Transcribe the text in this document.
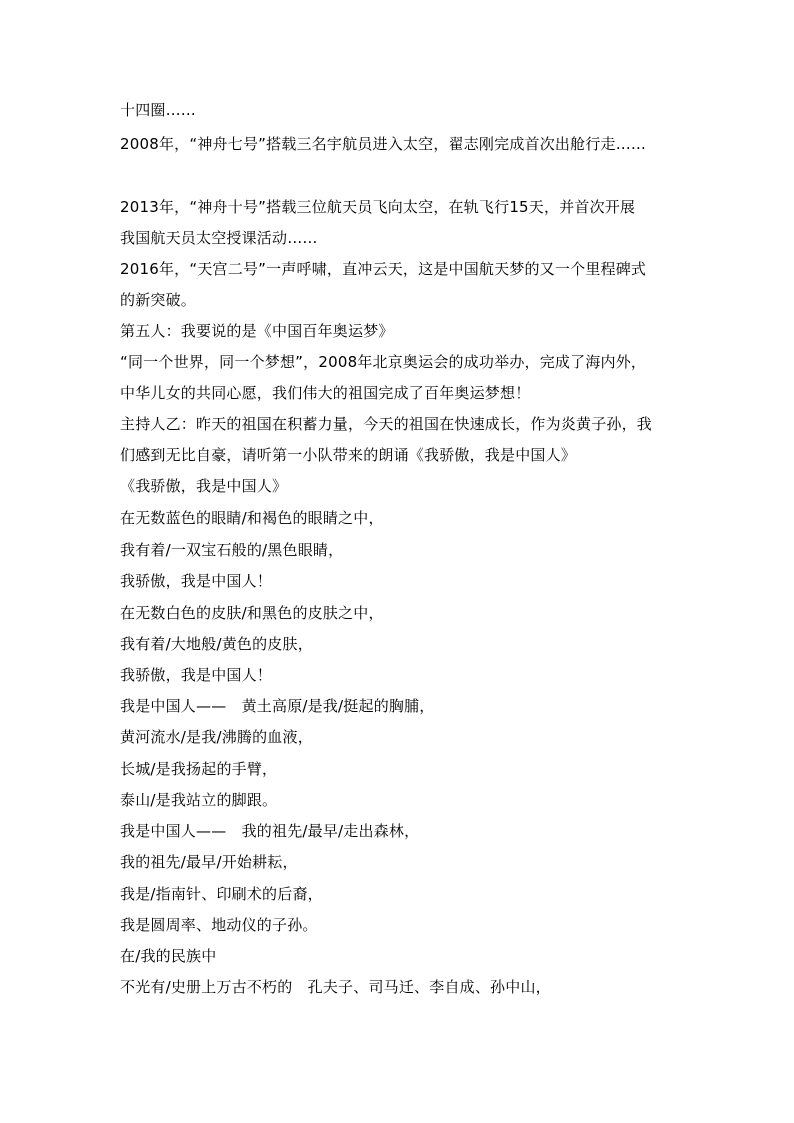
十四圈……
2008年，“神舟七号”搭载三名宇航员进入太空，翟志刚完成首次出舱行走……
2013年，“神舟十号”搭载三位航天员飞向太空，在轨飞行15天，并首次开展
我国航天员太空授课活动……
2016年，“天宫二号”一声呼啸，直冲云天，这是中国航天梦的又一个里程碑式
的新突破。
第五人：我要说的是《中国百年奥运梦》
“同一个世界，同一个梦想”，2008年北京奥运会的成功举办，完成了海内外，
中华儿女的共同心愿，我们伟大的祖国完成了百年奥运梦想！
主持人乙：昨天的祖国在积蓄力量，今天的祖国在快速成长，作为炎黄子孙，我
们感到无比自豪，请听第一小队带来的朗诵《我骄傲，我是中国人》
《我骄傲，我是中国人》
在无数蓝色的眼睛/和褐色的眼睛之中，
我有着/一双宝石般的/黑色眼睛，
我骄傲，我是中国人！
在无数白色的皮肤/和黑色的皮肤之中，
我有着/大地般/黄色的皮肤，
我骄傲，我是中国人！
我是中国人——　黄土高原/是我/挺起的胸脯，
黄河流水/是我/沸腾的血液，
长城/是我扬起的手臂，
泰山/是我站立的脚跟。
我是中国人——　我的祖先/最早/走出森林，
我的祖先/最早/开始耕耘，
我是/指南针、印刷术的后裔，
我是圆周率、地动仪的子孙。
在/我的民族中
不光有/史册上万古不朽的　孔夫子、司马迁、李自成、孙中山，
